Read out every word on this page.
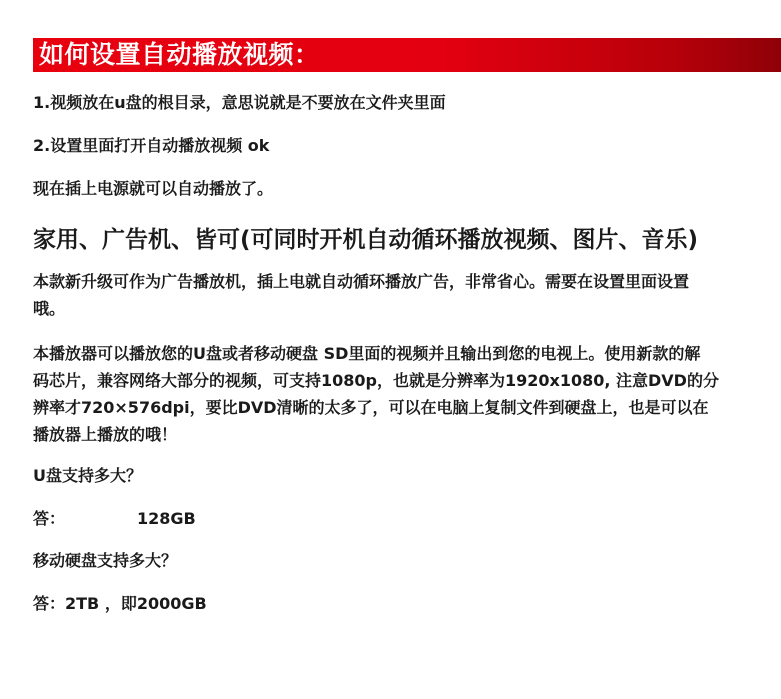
如何设置自动播放视频：
1.视频放在u盘的根目录，意思说就是不要放在文件夹里面
2.设置里面打开自动播放视频 ok
现在插上电源就可以自动播放了。
家用、广告机、皆可(可同时开机自动循环播放视频、图片、音乐)
本款新升级可作为广告播放机，插上电就自动循环播放广告，非常省心。需要在设置里面设置
哦。
本播放器可以播放您的U盘或者移动硬盘 SD里面的视频并且输出到您的电视上。使用新款的解
码芯片，兼容网络大部分的视频，可支持1080p，也就是分辨率为1920x1080, 注意DVD的分
辨率才720×576dpi，要比DVD清晰的太多了，可以在电脑上复制文件到硬盘上，也是可以在
播放器上播放的哦！
U盘支持多大？
答：	128GB
移动硬盘支持多大？
答：2TB ，即2000GB
